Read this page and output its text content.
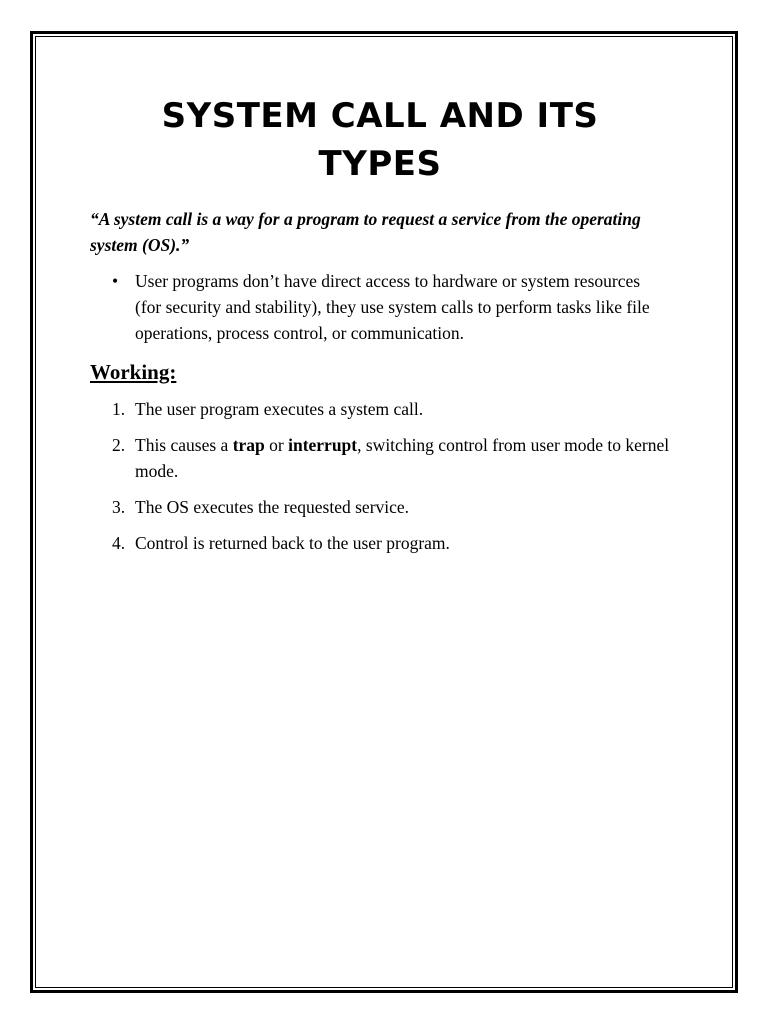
SYSTEM CALL AND ITS
TYPES

“A system call is a way for a program to request a service from the operating system (OS).”

• User programs don’t have direct access to hardware or system resources (for security and stability), they use system calls to perform tasks like file operations, process control, or communication.
Working:
1. The user program executes a system call.
2. This causes a trap or interrupt, switching control from user mode to kernel mode.
3. The OS executes the requested service.
4. Control is returned back to the user program.
